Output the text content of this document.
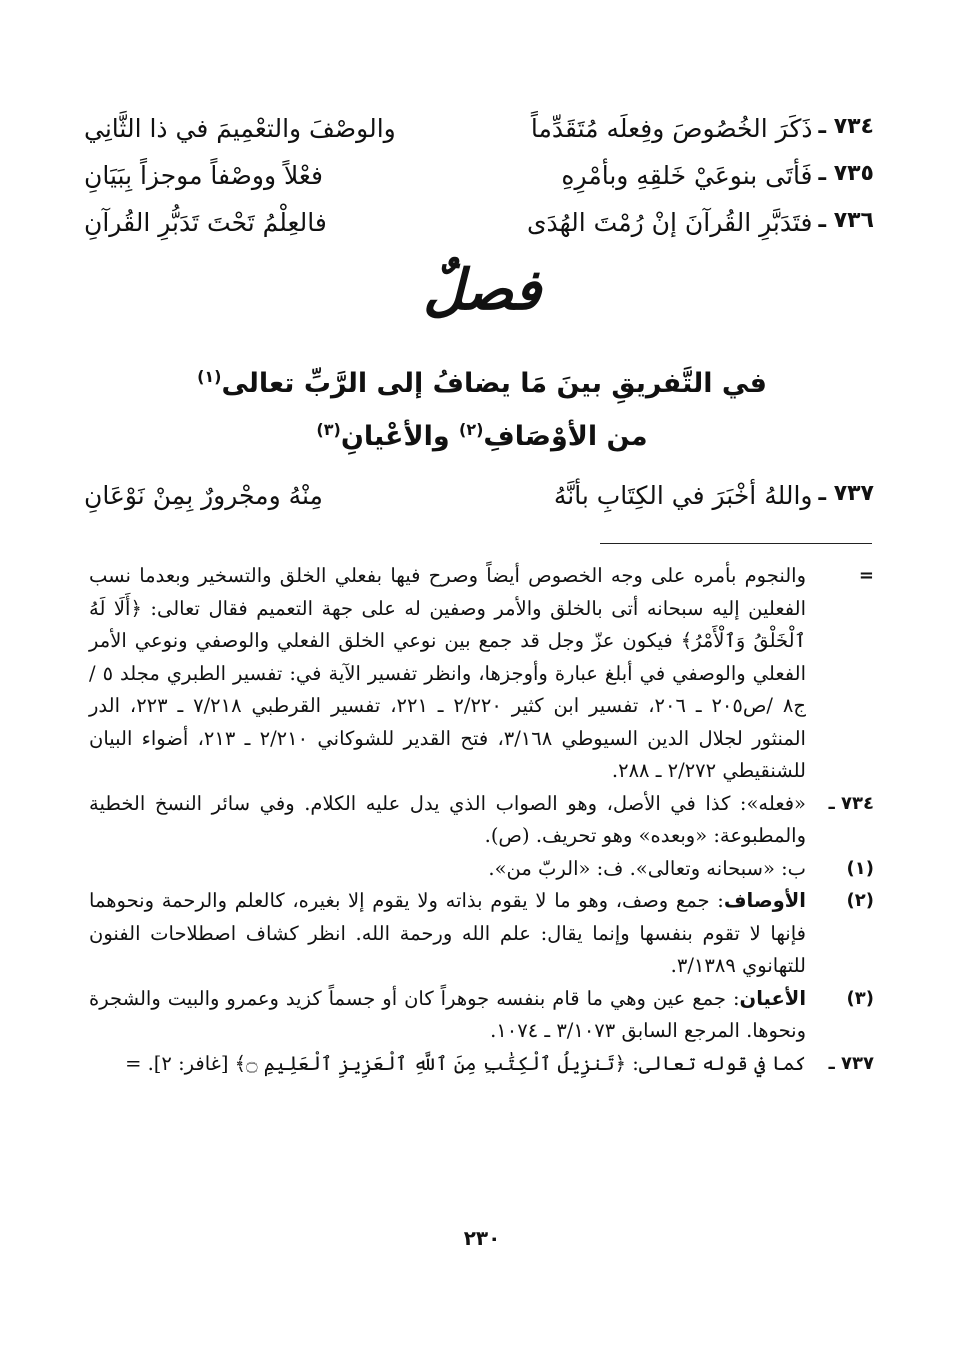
٧٣٤ ـ
ذَكَرَ الخُصُوصَ وفِعلَه مُتَقَدِّماً
والوصْفَ والتعْمِيمَ في ذا الثَّانِي
٧٣٥ ـ
فَأتَى بنوعَيْ خَلقِهِ وبأمْرِهِ
فعْلاً ووصْفاً موجزاً بِبَيَانِ
٧٣٦ ـ
فتَدَبَّرِ القُرآنَ إنْ رُمْتَ الهُدَى
فالعِلْمُ تَحْتَ تَدَبُّرِ القُرآنِ
فصلٌ
في التَّفريقِ بينَ مَا يضافُ إلى الرَّبِّ تعالى$^{(١)}$
من الأوْصَافِ$^{(٢)}$ والأعْيانِ$^{(٣)}$
٧٣٧ ـ
واللهُ أخْبَرَ في الكِتَابِ بأنَّهُ
مِنْهُ ومجْرورٌ بِمِنْ نَوْعَانِ
=
والنجوم بأمره على وجه الخصوص أيضاً وصرح فيها بفعلي الخلق والتسخير وبعدما نسب الفعلين إليه سبحانه أتى بالخلق والأمر وصفين له على جهة التعميم فقال تعالى: ﴿أَلَا لَهُ ٱلْخَلْقُ وَٱلْأَمْرُ﴾ فيكون عزّ وجل قد جمع بين نوعي الخلق الفعلي والوصفي ونوعي الأمر الفعلي والوصفي في أبلغ عبارة وأوجزها، وانظر تفسير الآية في: تفسير الطبري مجلد ٥ /ج٨ /ص٢٠٥ ـ ٢٠٦، تفسير ابن كثير ٢/٢٢٠ ـ ٢٢١، تفسير القرطبي ٧/٢١٨ ـ ٢٢٣، الدر المنثور لجلال الدين السيوطي ٣/١٦٨، فتح القدير للشوكاني ٢/٢١٠ ـ ٢١٣، أضواء البيان للشنقيطي ٢/٢٧٢ ـ ٢٨٨.
٧٣٤ ـ
«فعله»: كذا في الأصل، وهو الصواب الذي يدل عليه الكلام. وفي سائر النسخ الخطية والمطبوعة: «وبعده» وهو تحريف. (ص).
(١)
ب: «سبحانه وتعالى». ف: «الربّ من».
(٢)
الأوصاف: جمع وصف، وهو ما لا يقوم بذاته ولا يقوم إلا بغيره، كالعلم والرحمة ونحوهما فإنها لا تقوم بنفسها وإنما يقال: علم الله ورحمة الله. انظر كشاف اصطلاحات الفنون للتهانوي ٣/١٣٨٩.
(٣)
الأعيان: جمع عين وهي ما قام بنفسه جوهراً كان أو جسماً كزيد وعمرو والبيت والشجرة ونحوها. المرجع السابق ٣/١٠٧٣ ـ ١٠٧٤.
٧٣٧ ـ
كما في قوله تعالى: ﴿تَنزِيلُ ٱلْكِتَٰبِ مِنَ ٱللَّهِ ٱلْعَزِيزِ ٱلْعَلِيمِ ۝﴾ [غافر: ٢]. =
٢٣٠
